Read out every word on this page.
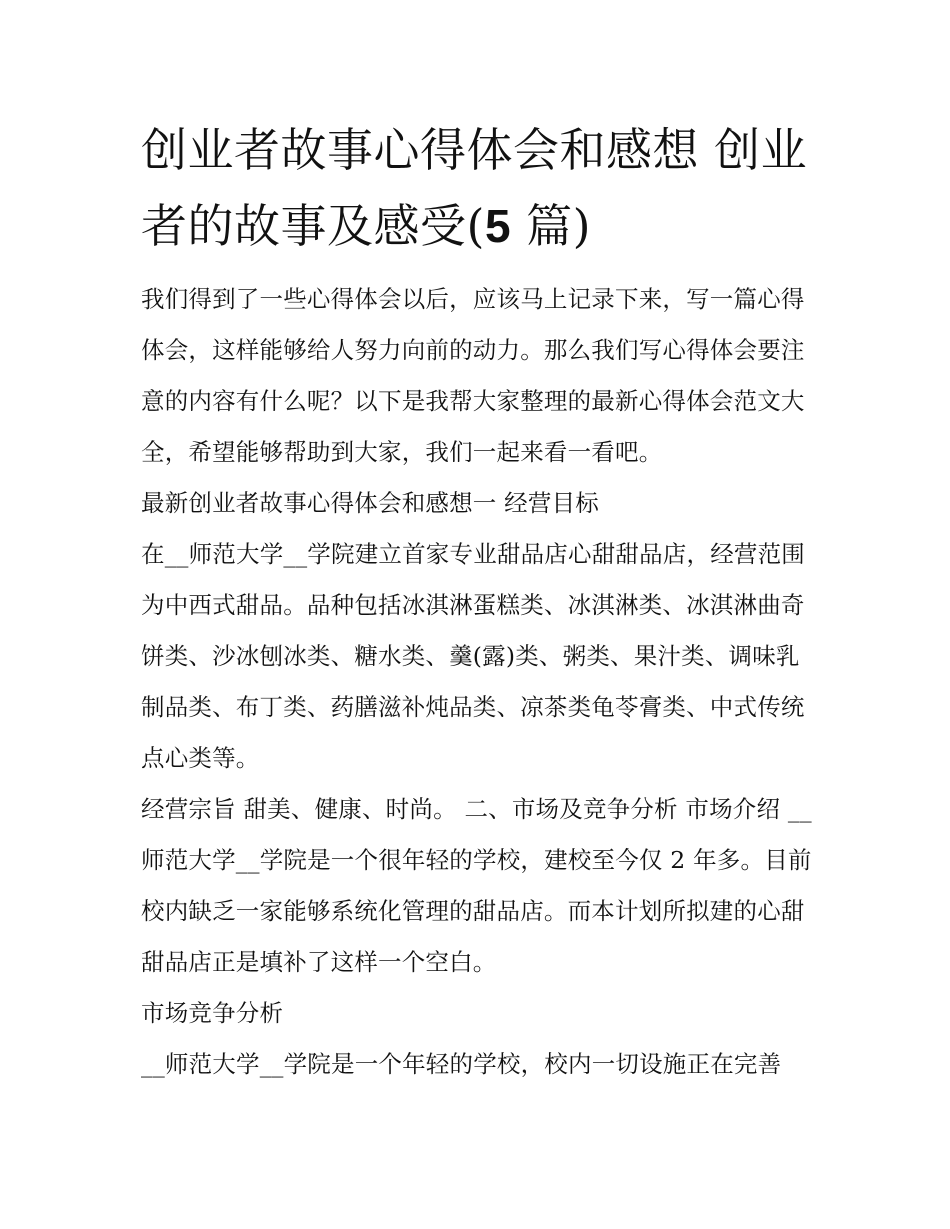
创业者故事心得体会和感想 创业者的故事及感受(5 篇)

我们得到了一些心得体会以后，应该马上记录下来，写一篇心得体会，这样能够给人努力向前的动力。那么我们写心得体会要注意的内容有什么呢？以下是我帮大家整理的最新心得体会范文大全，希望能够帮助到大家，我们一起来看一看吧。

最新创业者故事心得体会和感想一 经营目标

在__师范大学__学院建立首家专业甜品店心甜甜品店，经营范围为中西式甜品。品种包括冰淇淋蛋糕类、冰淇淋类、冰淇淋曲奇饼类、沙冰刨冰类、糖水类、羹(露)类、粥类、果汁类、调味乳制品类、布丁类、药膳滋补炖品类、凉茶类龟苓膏类、中式传统点心类等。

经营宗旨 甜美、健康、时尚。 二、市场及竞争分析 市场介绍 __师范大学__学院是一个很年轻的学校，建校至今仅 2 年多。目前校内缺乏一家能够系统化管理的甜品店。而本计划所拟建的心甜甜品店正是填补了这样一个空白。

市场竞争分析

__师范大学__学院是一个年轻的学校，校内一切设施正在完善
